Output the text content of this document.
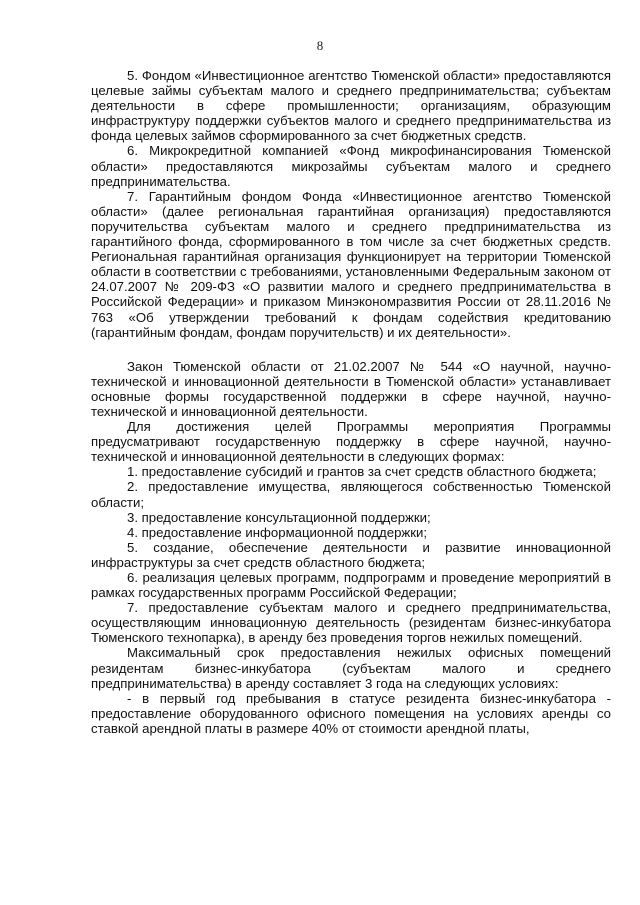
8

5. Фондом «Инвестиционное агентство Тюменской области» предоставляются целевые займы субъектам малого и среднего предпринимательства; субъектам деятельности в сфере промышленности; организациям, образующим инфраструктуру поддержки субъектов малого и среднего предпринимательства из фонда целевых займов сформированного за счет бюджетных средств.

6. Микрокредитной компанией «Фонд микрофинансирования Тюменской области» предоставляются микрозаймы субъектам малого и среднего предпринимательства.

7. Гарантийным фондом Фонда «Инвестиционное агентство Тюменской области» (далее региональная гарантийная организация) предоставляются поручительства субъектам малого и среднего предпринимательства из гарантийного фонда, сформированного в том числе за счет бюджетных средств. Региональная гарантийная организация функционирует на территории Тюменской области в соответствии с требованиями, установленными Федеральным законом от 24.07.2007 № 209-ФЗ «О развитии малого и среднего предпринимательства в Российской Федерации» и приказом Минэкономразвития России от 28.11.2016 № 763 «Об утверждении требований к фондам содействия кредитованию (гарантийным фондам, фондам поручительств) и их деятельности».

Закон Тюменской области от 21.02.2007 № 544 «О научной, научно-технической и инновационной деятельности в Тюменской области» устанавливает основные формы государственной поддержки в сфере научной, научно-технической и инновационной деятельности.

Для достижения целей Программы мероприятия Программы предусматривают государственную поддержку в сфере научной, научно-технической и инновационной деятельности в следующих формах:

1. предоставление субсидий и грантов за счет средств областного бюджета;

2. предоставление имущества, являющегося собственностью Тюменской области;

3. предоставление консультационной поддержки;

4. предоставление информационной поддержки;

5. создание, обеспечение деятельности и развитие инновационной инфраструктуры за счет средств областного бюджета;

6. реализация целевых программ, подпрограмм и проведение мероприятий в рамках государственных программ Российской Федерации;

7. предоставление субъектам малого и среднего предпринимательства, осуществляющим инновационную деятельность (резидентам бизнес-инкубатора Тюменского технопарка), в аренду без проведения торгов нежилых помещений.

Максимальный срок предоставления нежилых офисных помещений резидентам бизнес-инкубатора (субъектам малого и среднего предпринимательства) в аренду составляет 3 года на следующих условиях:

- в первый год пребывания в статусе резидента бизнес-инкубатора - предоставление оборудованного офисного помещения на условиях аренды со ставкой арендной платы в размере 40% от стоимости арендной платы,
